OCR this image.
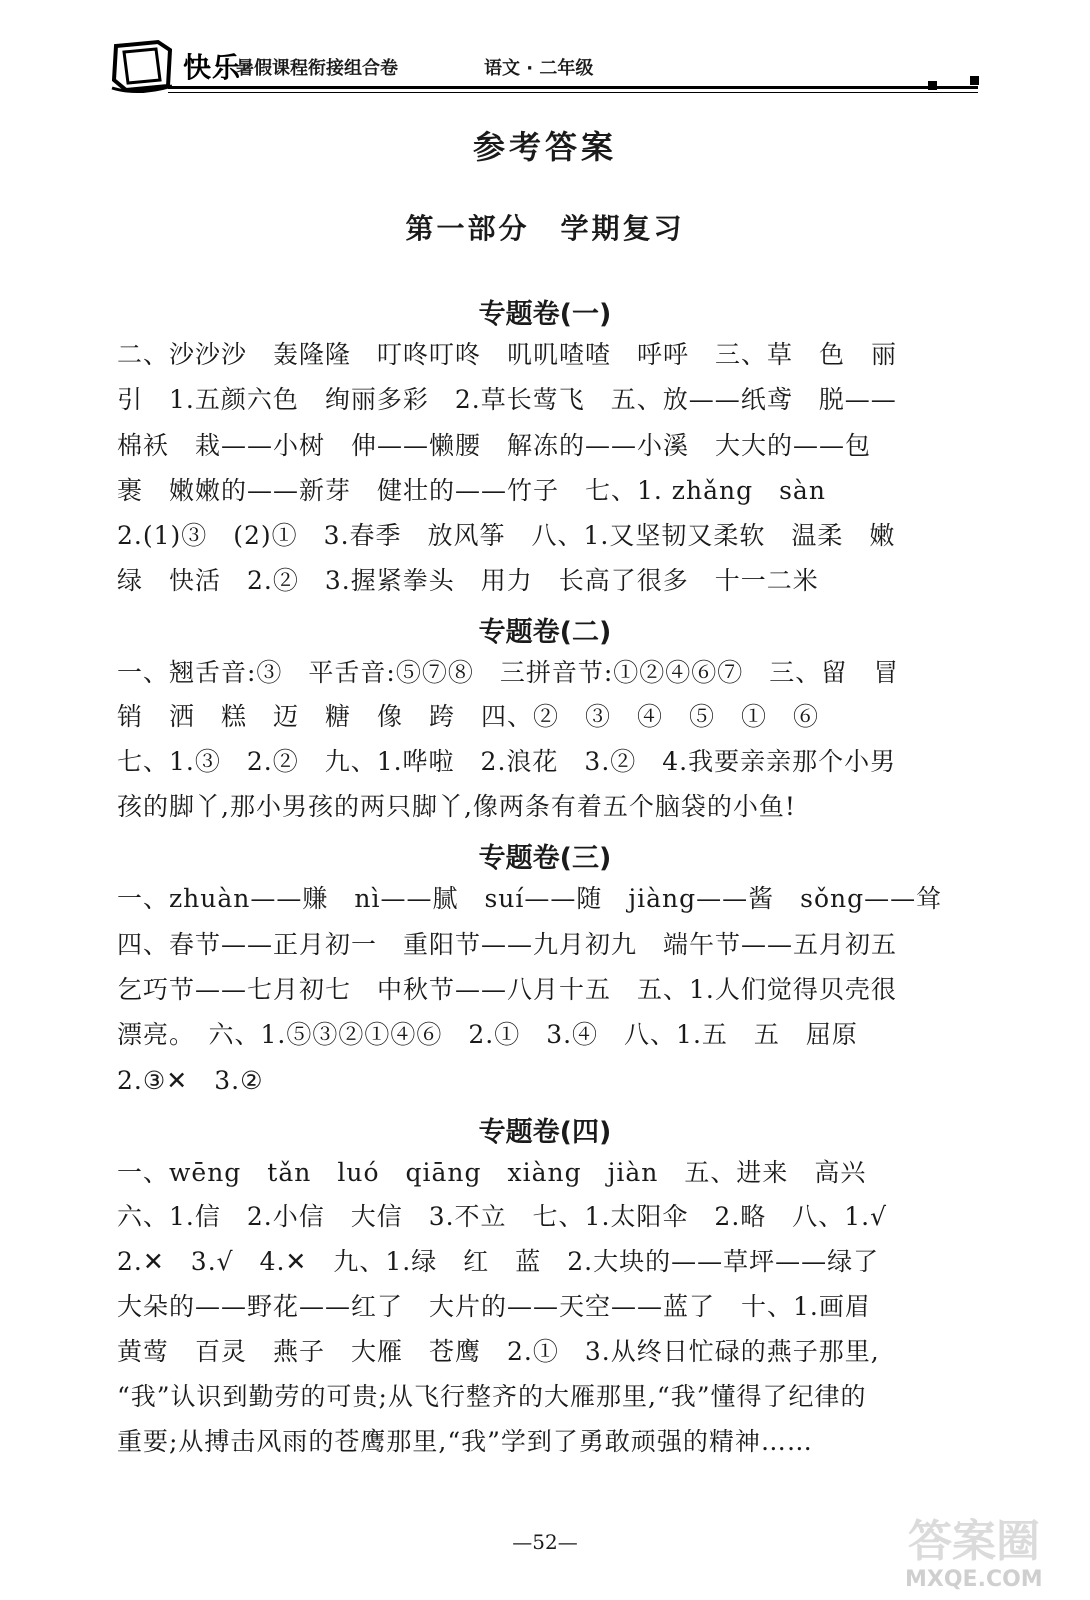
快乐
暑假课程衔接组合卷	语文 · 二年级
参考答案
第一部分　学期复习
专题卷(一)
二、沙沙沙　轰隆隆　叮咚叮咚　叽叽喳喳　呼呼　三、草　色　丽
引　1.五颜六色　绚丽多彩　2.草长莺飞　五、放——纸鸢　脱——
棉袄　栽——小树　伸——懒腰　解冻的——小溪　大大的——包
裹　嫩嫩的——新芽　健壮的——竹子　七、1. zhǎng　sàn
2.(1)③　(2)①　3.春季　放风筝　八、1.又坚韧又柔软　温柔　嫩
绿　快活　2.②　3.握紧拳头　用力　长高了很多　十一二米
专题卷(二)
一、翘舌音:③　平舌音:⑤⑦⑧　三拼音节:①②④⑥⑦　三、留　冒
销　洒　糕　迈　糖　像　跨　四、②　③　④　⑤　①　⑥
七、1.③　2.②　九、1.哗啦　2.浪花　3.②　4.我要亲亲那个小男
孩的脚丫,那小男孩的两只脚丫,像两条有着五个脑袋的小鱼!
专题卷(三)
一、zhuàn——赚　nì——腻　suí——随　jiàng——酱　sǒng——耸
四、春节——正月初一　重阳节——九月初九　端午节——五月初五
乞巧节——七月初七　中秋节——八月十五　五、1.人们觉得贝壳很
漂亮。　六、1.⑤③②①④⑥　2.①　3.④　八、1.五　五　屈原
2.③✕　3.②
专题卷(四)
一、wēng　tǎn　luó　qiāng　xiàng　jiàn　五、进来　高兴
六、1.信　2.小信　大信　3.不立　七、1.太阳伞　2.略　八、1.√
2.✕　3.√　4.✕　九、1.绿　红　蓝　2.大块的——草坪——绿了
大朵的——野花——红了　大片的——天空——蓝了　十、1.画眉
黄莺　百灵　燕子　大雁　苍鹰　2.①　3.从终日忙碌的燕子那里,
“我”认识到勤劳的可贵;从飞行整齐的大雁那里,“我”懂得了纪律的
重要;从搏击风雨的苍鹰那里,“我”学到了勇敢顽强的精神……
—52—	答案圈
MXQE.COM
